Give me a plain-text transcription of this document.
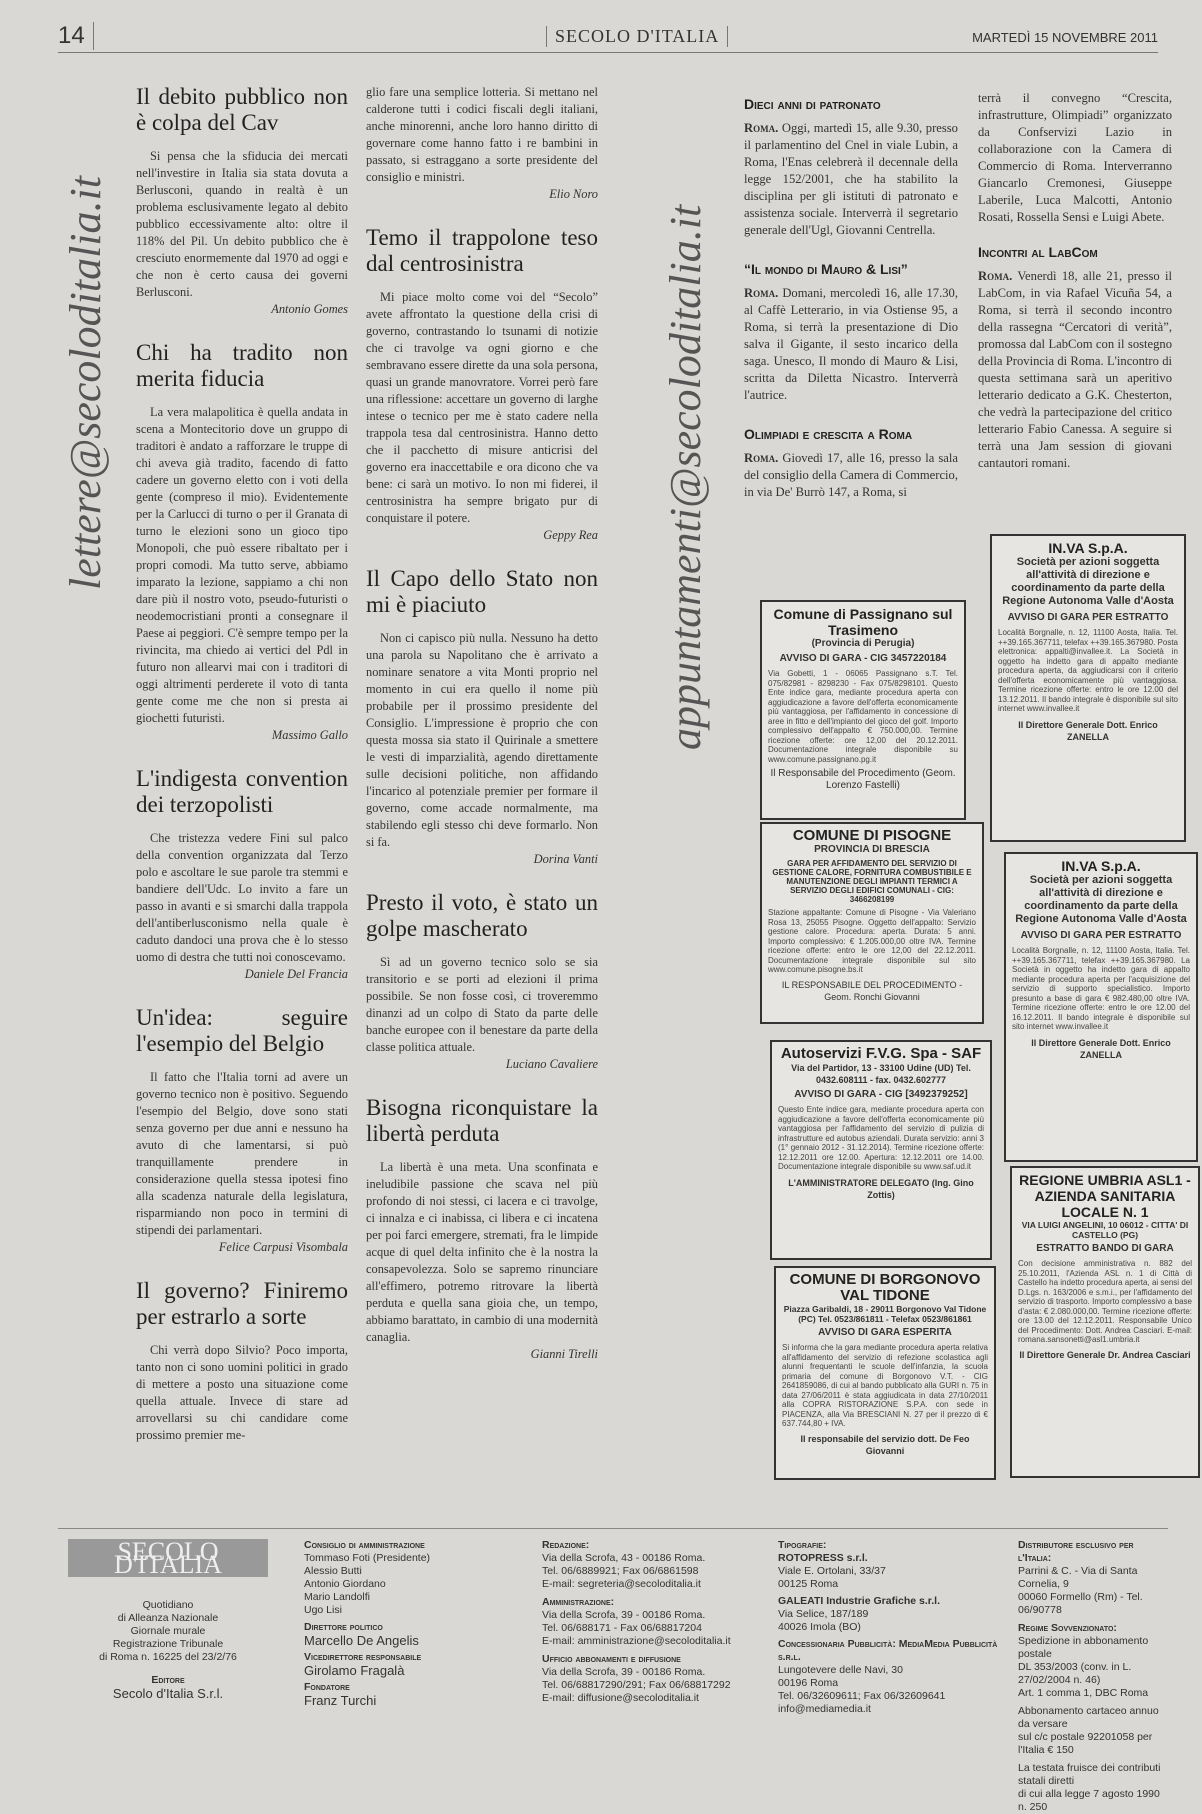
14	SECOLO D'ITALIA	MARTEDÌ 15 NOVEMBRE 2011
lettere@secoloditalia.it	appuntamenti@secoloditalia.it
Il debito pubblico non è colpa del Cav

Si pensa che la sfiducia dei mercati nell'investire in Italia sia stata dovuta a Berlusconi, quando in realtà è un problema esclusivamente legato al debito pubblico eccessivamente alto: oltre il 118% del Pil. Un debito pubblico che è cresciuto enormemente dal 1970 ad oggi e che non è certo causa dei governi Berlusconi.

Antonio Gomes

Chi ha tradito non merita fiducia

La vera malapolitica è quella andata in scena a Montecitorio dove un gruppo di traditori è andato a rafforzare le truppe di chi aveva già tradito, facendo di fatto cadere un governo eletto con i voti della gente (compreso il mio). Evidentemente per la Carlucci di turno o per il Granata di turno le elezioni sono un gioco tipo Monopoli, che può essere ribaltato per i propri comodi. Ma tutto serve, abbiamo imparato la lezione, sappiamo a chi non dare più il nostro voto, pseudo-futuristi o neodemocristiani pronti a consegnare il Paese ai peggiori. C'è sempre tempo per la rivincita, ma chiedo ai vertici del Pdl in futuro non allearvi mai con i traditori di oggi altrimenti perderete il voto di tanta gente come me che non si presta ai giochetti futuristi.

Massimo Gallo

L'indigesta convention dei terzopolisti

Che tristezza vedere Fini sul palco della convention organizzata dal Terzo polo e ascoltare le sue parole tra stemmi e bandiere dell'Udc. Lo invito a fare un passo in avanti e si smarchi dalla trappola dell'antiberlusconismo nella quale è caduto dandoci una prova che è lo stesso uomo di destra che tutti noi conoscevamo.

Daniele Del Francia

Un'idea: seguire l'esempio del Belgio

Il fatto che l'Italia torni ad avere un governo tecnico non è positivo. Seguendo l'esempio del Belgio, dove sono stati senza governo per due anni e nessuno ha avuto di che lamentarsi, si può tranquillamente prendere in considerazione quella stessa ipotesi fino alla scadenza naturale della legislatura, risparmiando non poco in termini di stipendi dei parlamentari.

Felice Carpusi Visombala

Il governo? Finiremo per estrarlo a sorte

Chi verrà dopo Silvio? Poco importa, tanto non ci sono uomini politici in grado di mettere a posto una situazione come quella attuale. Invece di stare ad arrovellarsi su chi candidare come prossimo premier me-

glio fare una semplice lotteria. Si mettano nel calderone tutti i codici fiscali degli italiani, anche minorenni, anche loro hanno diritto di governare come hanno fatto i re bambini in passato, si estraggano a sorte presidente del consiglio e ministri.

Elio Noro

Temo il trappolone teso dal centrosinistra

Mi piace molto come voi del “Secolo” avete affrontato la questione della crisi di governo, contrastando lo tsunami di notizie che ci travolge va ogni giorno e che sembravano essere dirette da una sola persona, quasi un grande manovratore. Vorrei però fare una riflessione: accettare un governo di larghe intese o tecnico per me è stato cadere nella trappola tesa dal centrosinistra. Hanno detto che il pacchetto di misure anticrisi del governo era inaccettabile e ora dicono che va bene: ci sarà un motivo. Io non mi fiderei, il centrosinistra ha sempre brigato pur di conquistare il potere.

Geppy Rea

Il Capo dello Stato non mi è piaciuto

Non ci capisco più nulla. Nessuno ha detto una parola su Napolitano che è arrivato a nominare senatore a vita Monti proprio nel momento in cui era quello il nome più probabile per il prossimo presidente del Consiglio. L'impressione è proprio che con questa mossa sia stato il Quirinale a smettere le vesti di imparzialità, agendo direttamente sulle decisioni politiche, non affidando l'incarico al potenziale premier per formare il governo, come accade normalmente, ma stabilendo egli stesso chi deve formarlo. Non si fa.

Dorina Vanti

Presto il voto, è stato un golpe mascherato

Sì ad un governo tecnico solo se sia transitorio e se porti ad elezioni il prima possibile. Se non fosse così, ci troveremmo dinanzi ad un colpo di Stato da parte delle banche europee con il benestare da parte della classe politica attuale.

Luciano Cavaliere

Bisogna riconquistare la libertà perduta

La libertà è una meta. Una sconfinata e ineludibile passione che scava nel più profondo di noi stessi, ci lacera e ci travolge, ci innalza e ci inabissa, ci libera e ci incatena per poi farci emergere, stremati, fra le limpide acque di quel delta infinito che è la nostra la consapevolezza. Solo se sapremo rinunciare all'effimero, potremo ritrovare la libertà perduta e quella sana gioia che, un tempo, abbiamo barattato, in cambio di una modernità canaglia.

Gianni Tirelli

Dieci anni di patronato

Roma. Oggi, martedì 15, alle 9.30, presso il parlamentino del Cnel in viale Lubin, a Roma, l'Enas celebrerà il decennale della legge 152/2001, che ha stabilito la disciplina per gli istituti di patronato e assistenza sociale. Interverrà il segretario generale dell'Ugl, Giovanni Centrella.

“Il mondo di Mauro & Lisi”

Roma. Domani, mercoledì 16, alle 17.30, al Caffè Letterario, in via Ostiense 95, a Roma, si terrà la presentazione di Dio salva il Gigante, il sesto incarico della saga. Unesco, Il mondo di Mauro & Lisi, scritta da Diletta Nicastro. Interverrà l'autrice.

Olimpiadi e crescita a Roma

Roma. Giovedì 17, alle 16, presso la sala del consiglio della Camera di Commercio, in via De' Burrò 147, a Roma, si

terrà il convegno “Crescita, infrastrutture, Olimpiadi” organizzato da Confservizi Lazio in collaborazione con la Camera di Commercio di Roma. Interverranno Giancarlo Cremonesi, Giuseppe Laberile, Luca Malcotti, Antonio Rosati, Rossella Sensi e Luigi Abete.

Incontri al LabCom

Roma. Venerdì 18, alle 21, presso il LabCom, in via Rafael Vicuña 54, a Roma, si terrà il secondo incontro della rassegna “Cercatori di verità”, promossa dal LabCom con il sostegno della Provincia di Roma. L'incontro di questa settimana sarà un aperitivo letterario dedicato a G.K. Chesterton, che vedrà la partecipazione del critico letterario Fabio Canessa. A seguire si terrà una Jam session di giovani cantautori romani.

Comune di Passignano sul Trasimeno
(Provincia di Perugia)
AVVISO DI GARA - CIG 3457220184
Via Gobetti, 1 - 06065 Passignano s.T. Tel. 075/82981 - 8298230 - Fax 075/8298101. Questo Ente indice gara, mediante procedura aperta con aggiudicazione a favore dell'offerta economicamente più vantaggiosa, per l'affidamento in concessione di aree in fitto e dell'impianto del gioco del golf. Importo complessivo dell'appalto € 750.000,00. Termine ricezione offerte: ore 12,00 del 20.12.2011. Documentazione integrale disponibile su www.comune.passignano.pg.it
Il Responsabile del Procedimento (Geom. Lorenzo Fastelli)
COMUNE DI PISOGNE
PROVINCIA DI BRESCIA
GARA PER AFFIDAMENTO DEL SERVIZIO DI GESTIONE CALORE, FORNITURA COMBUSTIBILE E MANUTENZIONE DEGLI IMPIANTI TERMICI A SERVIZIO DEGLI EDIFICI COMUNALI - CIG: 3466208199
Stazione appaltante: Comune di Pisogne - Via Valeriano Rosa 13, 25055 Pisogne. Oggetto dell'appalto: Servizio gestione calore. Procedura: aperta. Durata: 5 anni. Importo complessivo: € 1.205.000,00 oltre IVA. Termine ricezione offerte: entro le ore 12,00 del 22.12.2011. Documentazione integrale disponibile sul sito www.comune.pisogne.bs.it
IL RESPONSABILE DEL PROCEDIMENTO - Geom. Ronchi Giovanni
Autoservizi F.V.G. Spa - SAF
Via del Partidor, 13 - 33100 Udine (UD) Tel. 0432.608111 - fax. 0432.602777
AVVISO DI GARA - CIG [3492379252]
Questo Ente indice gara, mediante procedura aperta con aggiudicazione a favore dell'offerta economicamente più vantaggiosa per l'affidamento del servizio di pulizia di infrastrutture ed autobus aziendali. Durata servizio: anni 3 (1° gennaio 2012 - 31.12.2014). Termine ricezione offerte: 12.12.2011 ore 12.00. Apertura: 12.12.2011 ore 14.00. Documentazione integrale disponibile su www.saf.ud.it
L'AMMINISTRATORE DELEGATO (Ing. Gino Zottis)
COMUNE DI BORGONOVO VAL TIDONE
Piazza Garibaldi, 18 - 29011 Borgonovo Val Tidone (PC) Tel. 0523/861811 - Telefax 0523/861861
AVVISO DI GARA ESPERITA
Si informa che la gara mediante procedura aperta relativa all'affidamento del servizio di refezione scolastica agli alunni frequentanti le scuole dell'infanzia, la scuola primaria del comune di Borgonovo V.T. - CIG 2641859086, di cui al bando pubblicato alla GURI n. 75 in data 27/06/2011 è stata aggiudicata in data 27/10/2011 alla COPRA RISTORAZIONE S.P.A. con sede in PIACENZA, alla Via BRESCIANI N. 27 per il prezzo di € 637.744,80 + IVA.
Il responsabile del servizio dott. De Feo Giovanni
IN.VA S.p.A.
Società per azioni soggetta all'attività di direzione e coordinamento da parte della Regione Autonoma Valle d'Aosta
AVVISO DI GARA PER ESTRATTO
Località Borgnalle, n. 12, 11100 Aosta, Italia. Tel. ++39.165.367711, telefax ++39.165.367980. Posta elettronica: appalti@invallee.it. La Società in oggetto ha indetto gara di appalto mediante procedura aperta, da aggiudicarsi con il criterio dell'offerta economicamente più vantaggiosa. Termine ricezione offerte: entro le ore 12.00 del 13.12.2011. Il bando integrale è disponibile sul sito internet www.invallee.it
Il Direttore Generale Dott. Enrico ZANELLA
IN.VA S.p.A.
Società per azioni soggetta all'attività di direzione e coordinamento da parte della Regione Autonoma Valle d'Aosta
AVVISO DI GARA PER ESTRATTO
Località Borgnalle, n. 12, 11100 Aosta, Italia. Tel. ++39.165.367711, telefax ++39.165.367980. La Società in oggetto ha indetto gara di appalto mediante procedura aperta per l'acquisizione del servizio di supporto specialistico. Importo presunto a base di gara € 982.480,00 oltre IVA. Termine ricezione offerte: entro le ore 12.00 del 16.12.2011. Il bando integrale è disponibile sul sito internet www.invallee.it
Il Direttore Generale Dott. Enrico ZANELLA
REGIONE UMBRIA ASL1 - AZIENDA SANITARIA LOCALE N. 1
VIA LUIGI ANGELINI, 10 06012 - CITTA' DI CASTELLO (PG)
ESTRATTO BANDO DI GARA
Con decisione amministrativa n. 882 del 25.10.2011, l'Azienda ASL n. 1 di Città di Castello ha indetto procedura aperta, ai sensi del D.Lgs. n. 163/2006 e s.m.i., per l'affidamento del servizio di trasporto. Importo complessivo a base d'asta: € 2.080.000,00. Termine ricezione offerte: ore 13.00 del 12.12.2011. Responsabile Unico del Procedimento: Dott. Andrea Casciari. E-mail: romana.sansonetti@asl1.umbria.it
Il Direttore Generale Dr. Andrea Casciari
SECOLO D'ITALIA
Quotidiano
di Alleanza Nazionale
Giornale murale
Registrazione Tribunale
di Roma n. 16225 del 23/2/76
Editore
Secolo d'Italia S.r.l.
Consiglio di amministrazione
Tommaso Foti (Presidente)
Alessio Butti
Antonio Giordano
Mario Landolfi
Ugo Lisi
Direttore politico
Marcello De Angelis
Vicedirettore responsabile
Girolamo Fragalà
Fondatore
Franz Turchi
Redazione:
Via della Scrofa, 43 - 00186 Roma.
Tel. 06/6889921; Fax 06/6861598
E-mail: segreteria@secoloditalia.it
Amministrazione:
Via della Scrofa, 39 - 00186 Roma.
Tel. 06/688171 - Fax 06/68817204
E-mail: amministrazione@secoloditalia.it
Ufficio abbonamenti e diffusione
Via della Scrofa, 39 - 00186 Roma.
Tel. 06/68817290/291; Fax 06/68817292
E-mail: diffusione@secoloditalia.it
Tipografie:
ROTOPRESS s.r.l.
Viale E. Ortolani, 33/37
00125 Roma
GALEATI Industrie Grafiche s.r.l.
Via Selice, 187/189
40026 Imola (BO)
Concessionaria Pubblicità: MediaMedia Pubblicità s.r.l.
Lungotevere delle Navi, 30
00196 Roma
Tel. 06/32609611; Fax 06/32609641
info@mediamedia.it
Distributore esclusivo per l'Italia:
Parrini & C. - Via di Santa Cornelia, 9
00060 Formello (Rm) - Tel. 06/90778
Regime Sovvenzionato:
Spedizione in abbonamento postale
DL 353/2003 (conv. in L. 27/02/2004 n. 46)
Art. 1 comma 1, DBC Roma
Abbonamento cartaceo annuo da versare
sul c/c postale 92201058 per l'Italia € 150
La testata fruisce dei contributi statali diretti
di cui alla legge 7 agosto 1990 n. 250
